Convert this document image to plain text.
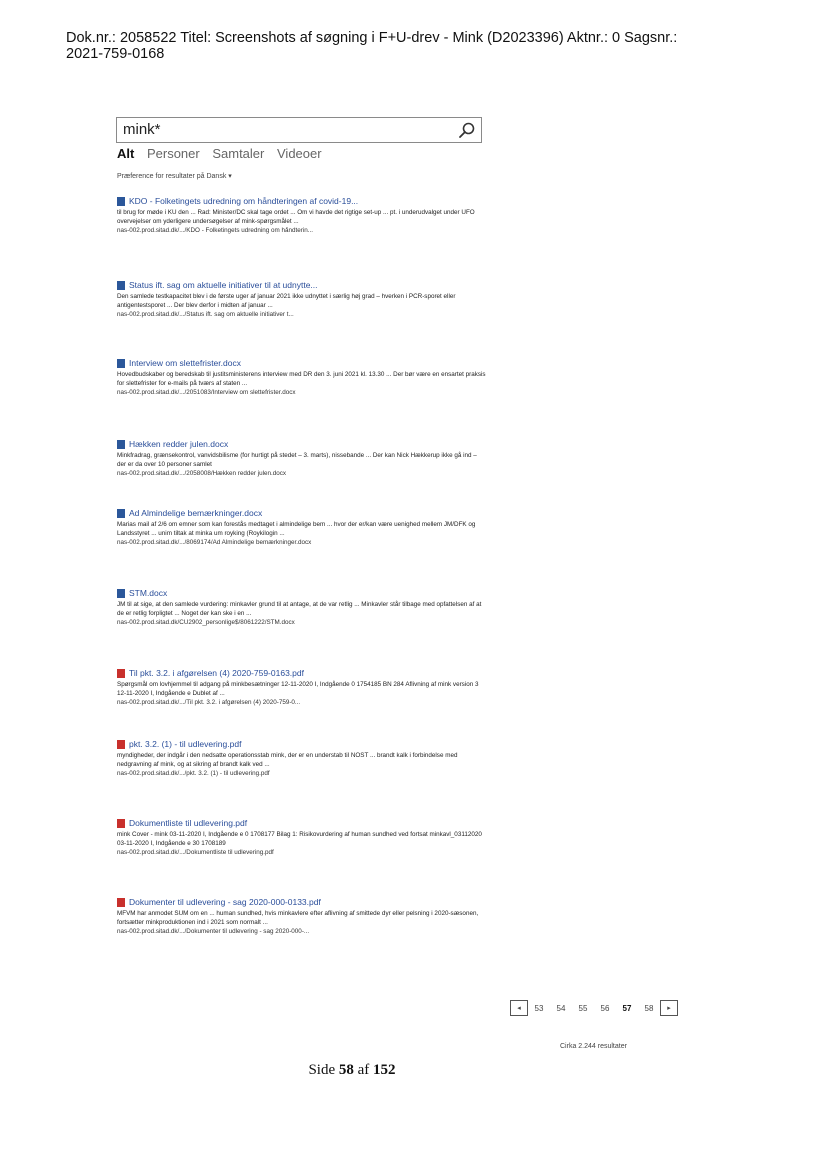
Dok.nr.: 2058522 Titel: Screenshots af søgning i F+U-drev - Mink (D2023396) Aktnr.: 0 Sagsnr.:
2021-759-0168
mink*
Alt Personer Samtaler Videoer
Præference for resultater på Dansk ▾
KDO - Folketingets udredning om håndteringen af covid-19...
til brug for møde i KU den ... Rad: Minister/DC skal tage ordet ... Om vi havde det rigtige set-up ... pt. i underudvalget under UFO overvejelser om yderligere undersøgelser af mink-spørgsmålet ...
nas-002.prod.sitad.dk/.../KDO - Folketingets udredning om håndterin...
Status ift. sag om aktuelle initiativer til at udnytte...
Den samlede testkapacitet blev i de første uger af januar 2021 ikke udnyttet i særlig høj grad – hverken i PCR-sporet eller antigentestsporet ... Der blev derfor i midten af januar ...
nas-002.prod.sitad.dk/.../Status ift. sag om aktuelle initiativer t...
Interview om slettefrister.docx
Hovedbudskaber og beredskab til justitsministerens interview med DR den 3. juni 2021 kl. 13.30 ... Der bør være en ensartet praksis for slettefrister for e-mails på tværs af staten ...
nas-002.prod.sitad.dk/.../2051083/Interview om slettefrister.docx
Hækken redder julen.docx
Minkfradrag, grænsekontrol, vanvidsbilisme (for hurtigt på stedet – 3. marts), nissebande ... Der kan Nick Hækkerup ikke gå ind – der er da over 10 personer samlet
nas-002.prod.sitad.dk/.../2058008/Hækken redder julen.docx
Ad Almindelige bemærkninger.docx
Marias mail af 2/6 om emner som kan forestås medtaget i almindelige bem ... hvor der er/kan være uenighed mellem JM/DFK og Landsstyret ... unim tiltak at minka um royking (Roykilogin ...
nas-002.prod.sitad.dk/.../8069174/Ad Almindelige bemærkninger.docx
STM.docx
JM til at sige, at den samlede vurdering: minkavler grund til at antage, at de var retlig ... Minkavler står tilbage med opfattelsen af at de er retlig forpligtet ... Noget der kan ske i en ...
nas-002.prod.sitad.dk/CU2902_personlige$/8061222/STM.docx
Til pkt. 3.2. i afgørelsen (4) 2020-759-0163.pdf
Spørgsmål om lovhjemmel til adgang på minkbesætninger 12-11-2020 I, Indgående 0 1754185 BN 284 Aflivning af mink version 3 12-11-2020 I, Indgående e Dublet af ...
nas-002.prod.sitad.dk/.../Til pkt. 3.2. i afgørelsen (4) 2020-759-0...
pkt. 3.2. (1) - til udlevering.pdf
myndigheder, der indgår i den nedsatte operationsstab mink, der er en understab til NOST ... brandt kalk i forbindelse med nedgravning af mink, og at sikring af brandt kalk ved ...
nas-002.prod.sitad.dk/.../pkt. 3.2. (1) - til udlevering.pdf
Dokumentliste til udlevering.pdf
mink Cover - mink 03-11-2020 I, Indgående e 0 1708177 Bilag 1: Risikovurdering af human sundhed ved fortsat minkavl_03112020 03-11-2020 I, Indgående e 30 1708189
nas-002.prod.sitad.dk/.../Dokumentliste til udlevering.pdf
Dokumenter til udlevering - sag 2020-000-0133.pdf
MFVM har anmodet SUM om en ... human sundhed, hvis minkavlere efter aflivning af smittede dyr eller pelsning i 2020-sæsonen, fortsætter minkproduktionen ind i 2021 som normalt ...
nas-002.prod.sitad.dk/.../Dokumenter til udlevering - sag 2020-000-...
◂	53	54	55	56	57	58	▸
Cirka 2.244 resultater
Side 58 af 152
